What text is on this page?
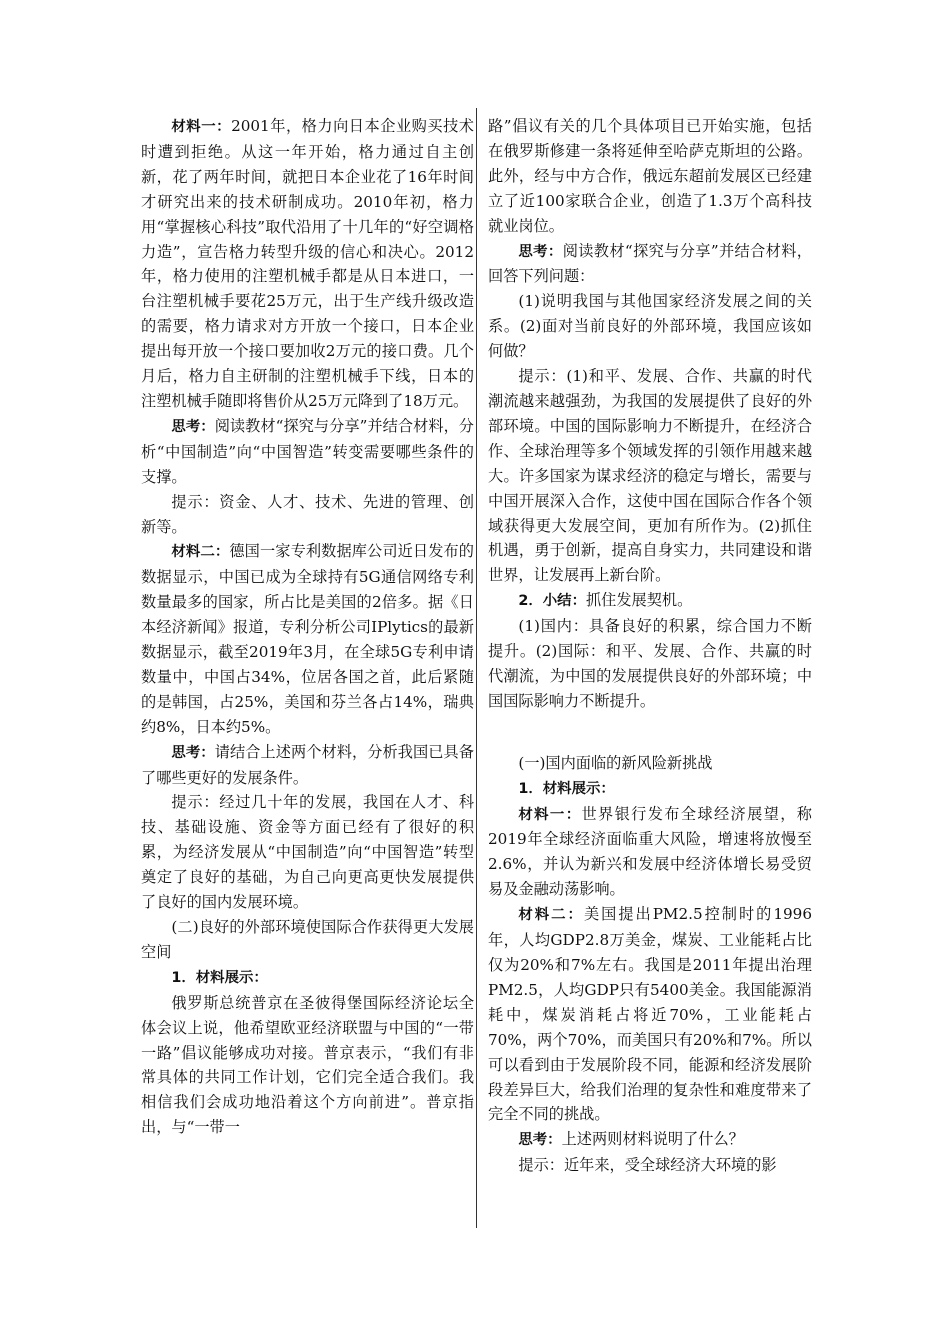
材料一：2001年，格力向日本企业购买技术时遭到拒绝。从这一年开始，格力通过自主创新，花了两年时间，就把日本企业花了16年时间才研究出来的技术研制成功。2010年初，格力用“掌握核心科技”取代沿用了十几年的“好空调格力造”，宣告格力转型升级的信心和决心。2012年，格力使用的注塑机械手都是从日本进口，一台注塑机械手要花25万元，出于生产线升级改造的需要，格力请求对方开放一个接口，日本企业提出每开放一个接口要加收2万元的接口费。几个月后，格力自主研制的注塑机械手下线，日本的注塑机械手随即将售价从25万元降到了18万元。

思考：阅读教材“探究与分享”并结合材料，分析“中国制造”向“中国智造”转变需要哪些条件的支撑。

提示：资金、人才、技术、先进的管理、创新等。

材料二：德国一家专利数据库公司近日发布的数据显示，中国已成为全球持有5G通信网络专利数量最多的国家，所占比是美国的2倍多。据《日本经济新闻》报道，专利分析公司IPlytics的最新数据显示，截至2019年3月，在全球5G专利申请数量中，中国占34%，位居各国之首，此后紧随的是韩国，占25%，美国和芬兰各占14%，瑞典约8%，日本约5%。

思考：请结合上述两个材料，分析我国已具备了哪些更好的发展条件。

提示：经过几十年的发展，我国在人才、科技、基础设施、资金等方面已经有了很好的积累，为经济发展从“中国制造”向“中国智造”转型奠定了良好的基础，为自己向更高更快发展提供了良好的国内发展环境。

(二)良好的外部环境使国际合作获得更大发展空间

1．材料展示：

俄罗斯总统普京在圣彼得堡国际经济论坛全体会议上说，他希望欧亚经济联盟与中国的“一带一路”倡议能够成功对接。普京表示，“我们有非常具体的共同工作计划，它们完全适合我们。我相信我们会成功地沿着这个方向前进”。普京指出，与“一带一

路”倡议有关的几个具体项目已开始实施，包括在俄罗斯修建一条将延伸至哈萨克斯坦的公路。此外，经与中方合作，俄远东超前发展区已经建立了近100家联合企业，创造了1.3万个高科技就业岗位。

思考：阅读教材“探究与分享”并结合材料，回答下列问题：

(1)说明我国与其他国家经济发展之间的关系。(2)面对当前良好的外部环境，我国应该如何做？

提示：(1)和平、发展、合作、共赢的时代潮流越来越强劲，为我国的发展提供了良好的外部环境。中国的国际影响力不断提升，在经济合作、全球治理等多个领域发挥的引领作用越来越大。许多国家为谋求经济的稳定与增长，需要与中国开展深入合作，这使中国在国际合作各个领域获得更大发展空间，更加有所作为。(2)抓住机遇，勇于创新，提高自身实力，共同建设和谐世界，让发展再上新台阶。

2．小结：抓住发展契机。

(1)国内：具备良好的积累，综合国力不断提升。(2)国际：和平、发展、合作、共赢的时代潮流，为中国的发展提供良好的外部环境；中国国际影响力不断提升。

(一)国内面临的新风险新挑战

1．材料展示：

材料一：世界银行发布全球经济展望，称2019年全球经济面临重大风险，增速将放慢至2.6%，并认为新兴和发展中经济体增长易受贸易及金融动荡影响。

材料二：美国提出PM2.5控制时的1996年，人均GDP2.8万美金，煤炭、工业能耗占比仅为20%和7%左右。我国是2011年提出治理PM2.5，人均GDP只有5400美金。我国能源消耗中，煤炭消耗占将近70%，工业能耗占70%，两个70%，而美国只有20%和7%。所以可以看到由于发展阶段不同，能源和经济发展阶段差异巨大，给我们治理的复杂性和难度带来了完全不同的挑战。

思考：上述两则材料说明了什么？

提示：近年来，受全球经济大环境的影
